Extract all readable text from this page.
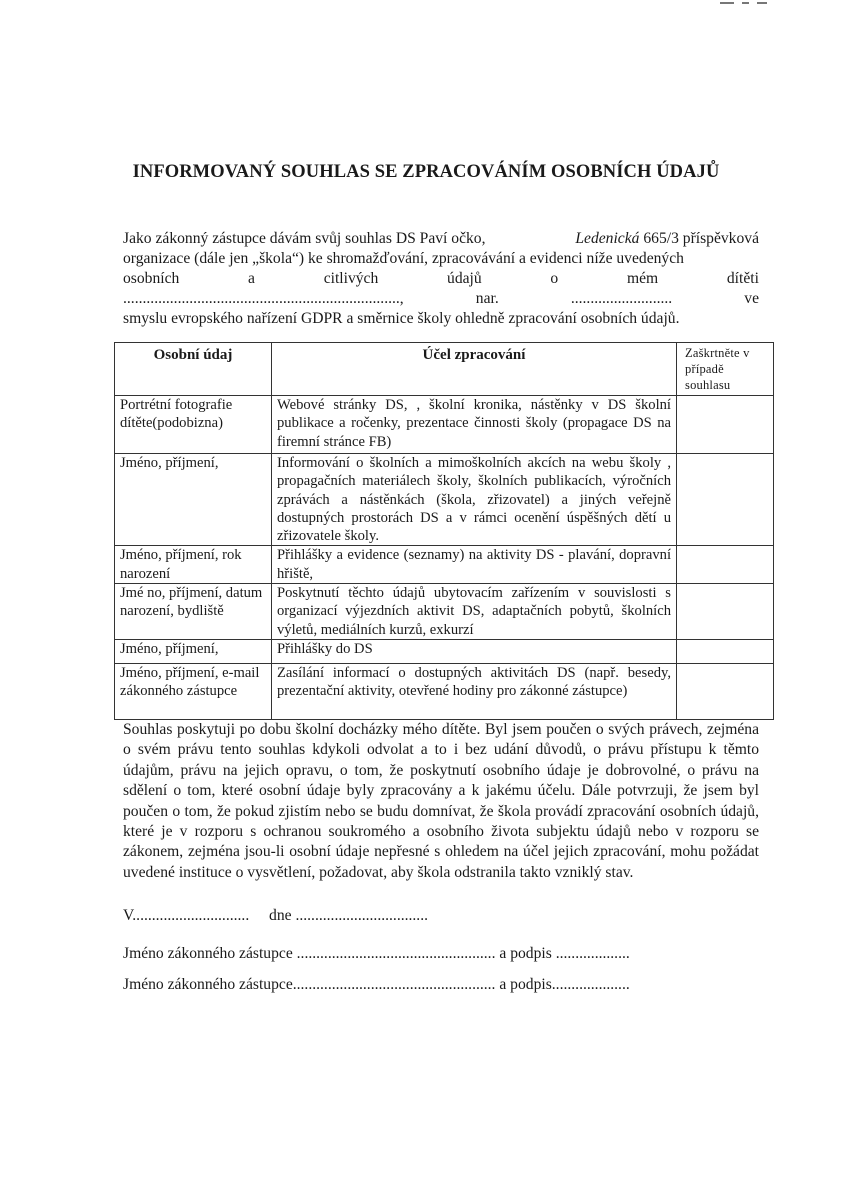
INFORMOVANÝ SOUHLAS SE ZPRACOVÁNÍM OSOBNÍCH ÚDAJŮ
Jako zákonný zástupce dávám svůj souhlas DS Paví očko,	Ledenická 665/3 příspěvková
organizace (dále jen „škola“) ke shromažďování, zpracovávání a evidenci níže uvedených
osobních	a	citlivých	údajů	o	mém	dítěti
.......................................................................,	nar.	..........................	ve
smyslu evropského nařízení GDPR a směrnice školy ohledně zpracování osobních údajů.
Osobní údaj	Účel zpracování	Zaškrtněte v případě souhlasu
Portrétní fotografie dítěte(podobizna)	Webové stránky DS, , školní kronika, nástěnky v DS školní publikace a ročenky, prezentace činnosti školy (propagace DS na firemní stránce FB)	
Jméno, příjmení,	Informování o školních a mimoškolních akcích na webu školy , propagačních materiálech školy, školních publikacích, výročních zprávách a nástěnkách (škola, zřizovatel) a jiných veřejně dostupných prostorách DS a v rámci ocenění úspěšných dětí u zřizovatele školy.	
Jméno, příjmení, rok narození	Přihlášky a evidence (seznamy) na aktivity DS - plavání, dopravní hřiště,	
Jmé no, příjmení, datum narození, bydliště	Poskytnutí těchto údajů ubytovacím zařízením v souvislosti s organizací výjezdních aktivit DS, adaptačních pobytů, školních výletů, mediálních kurzů, exkurzí	
Jméno, příjmení,	Přihlášky do DS	
Jméno, příjmení, e-mail zákonného zástupce	Zasílání informací o dostupných aktivitách DS (např. besedy, prezentační aktivity, otevřené hodiny pro zákonné zástupce)	
Souhlas poskytuji po dobu školní docházky mého dítěte. Byl jsem poučen o svých právech, zejména o svém právu tento souhlas kdykoli odvolat a to i bez udání důvodů, o právu přístupu k těmto údajům, právu na jejich opravu, o tom, že poskytnutí osobního údaje je dobrovolné, o právu na sdělení o tom, které osobní údaje byly zpracovány a k jakému účelu. Dále potvrzuji, že jsem byl poučen o tom, že pokud zjistím nebo se budu domnívat, že škola provádí zpracování osobních údajů, které je v rozporu s ochranou soukromého a osobního života subjektu údajů nebo v rozporu se zákonem, zejména jsou-li osobní údaje nepřesné s ohledem na účel jejich zpracování, mohu požádat uvedené instituce o vysvětlení, požadovat, aby škola odstranila takto vzniklý stav.
V.............................. dne ..................................
Jméno zákonného zástupce ................................................... a podpis ...................
Jméno zákonného zástupce.................................................... a podpis....................
